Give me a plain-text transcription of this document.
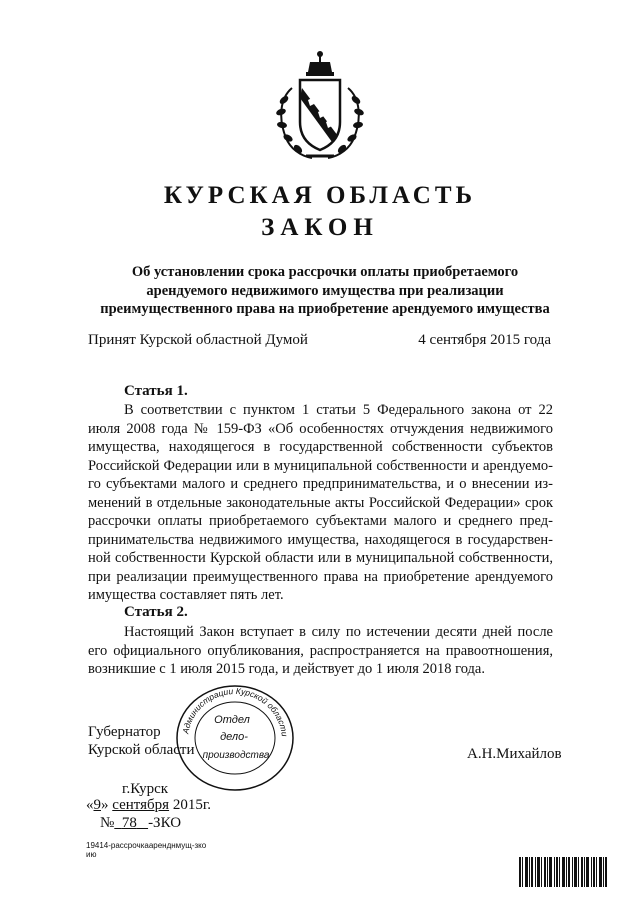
КУРСКАЯ ОБЛАСТЬ
ЗАКОН
Об установлении срока рассрочки оплаты приобретаемого
арендуемого недвижимого имущества при реализации
преимущественного права на приобретение арендуемого имущества
Принят Курской областной Думой	4 сентября 2015 года
Статья 1.
В соответствии с пунктом 1 статьи 5 Федерального закона от 22
июля 2008 года № 159-ФЗ «Об особенностях отчуждения недвижимого
имущества, находящегося в государственной собственности субъектов
Российской Федерации или в муниципальной собственности и арендуемо-
го субъектами малого и среднего предпринимательства, и о внесении из-
менений в отдельные законодательные акты Российской Федерации» срок
рассрочки оплаты приобретаемого субъектами малого и среднего пред-
принимательства недвижимого имущества, находящегося в государствен-
ной собственности Курской области или в муниципальной собственности,
при реализации преимущественного права на приобретение арендуемого
имущества составляет пять лет.
Статья 2.
Настоящий Закон вступает в силу по истечении десяти дней после
его официального опубликования, распространяется на правоотношения,
возникшие с 1 июля 2015 года, и действует до 1 июля 2018 года.
Губернатор
Курской области	А.Н.Михайлов
Администрации Курской области
Отдел
дело-
производства
г.Курск
«9» сентября 2015г.
№ 78 -ЗКО
19414-рассрочкааренднмущ-зко
ию
